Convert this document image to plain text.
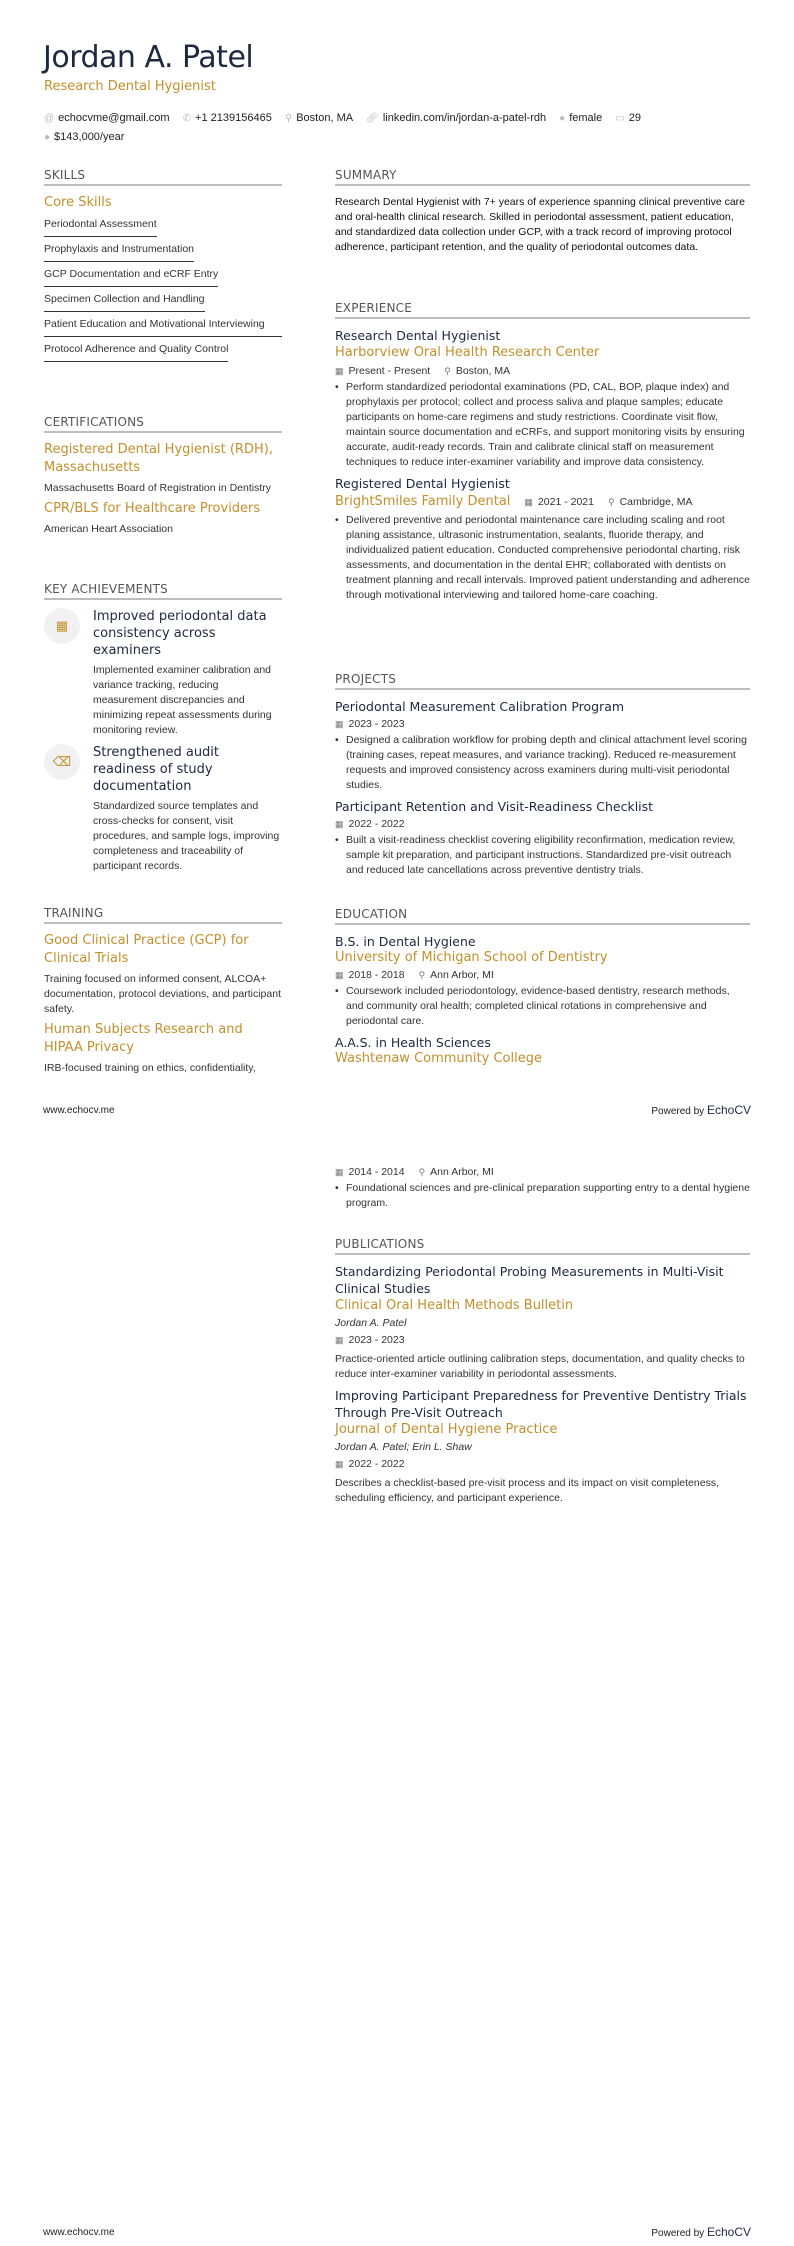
Jordan A. Patel
Research Dental Hygienist
@ echocvme@gmail.com ✆ +1 2139156465 ⚲ Boston, MA 🔗︎ linkedin.com/in/jordan-a-patel-rdh ● female ▭ 29
● $143,000/year
SKILLS
Core Skills
Periodontal Assessment
Prophylaxis and Instrumentation
GCP Documentation and eCRF Entry
Specimen Collection and Handling
Patient Education and Motivational Interviewing
Protocol Adherence and Quality Control
CERTIFICATIONS
Registered Dental Hygienist (RDH), Massachusetts
Massachusetts Board of Registration in Dentistry
CPR/BLS for Healthcare Providers
American Heart Association
KEY ACHIEVEMENTS
▦
Improved periodontal data consistency across examiners
Implemented examiner calibration and variance tracking, reducing measurement discrepancies and minimizing repeat assessments during monitoring review.
⌫
Strengthened audit readiness of study documentation
Standardized source templates and cross-checks for consent, visit procedures, and sample logs, improving completeness and traceability of participant records.
TRAINING
Good Clinical Practice (GCP) for Clinical Trials
Training focused on informed consent, ALCOA+ documentation, protocol deviations, and participant safety.
Human Subjects Research and HIPAA Privacy
IRB-focused training on ethics, confidentiality,
SUMMARY
Research Dental Hygienist with 7+ years of experience spanning clinical preventive care and oral-health clinical research. Skilled in periodontal assessment, patient education, and standardized data collection under GCP, with a track record of improving protocol adherence, participant retention, and the quality of periodontal outcomes data.
EXPERIENCE
Research Dental Hygienist
Harborview Oral Health Research Center
▦ Present - Present ⚲ Boston, MA
• Perform standardized periodontal examinations (PD, CAL, BOP, plaque index) and prophylaxis per protocol; collect and process saliva and plaque samples; educate participants on home-care regimens and study restrictions. Coordinate visit flow, maintain source documentation and eCRFs, and support monitoring visits by ensuring accurate, audit-ready records. Train and calibrate clinical staff on measurement techniques to reduce inter-examiner variability and improve data consistency.
Registered Dental Hygienist
BrightSmiles Family Dental ▦ 2021 - 2021 ⚲ Cambridge, MA
• Delivered preventive and periodontal maintenance care including scaling and root planing assistance, ultrasonic instrumentation, sealants, fluoride therapy, and individualized patient education. Conducted comprehensive periodontal charting, risk assessments, and documentation in the dental EHR; collaborated with dentists on treatment planning and recall intervals. Improved patient understanding and adherence through motivational interviewing and tailored home-care coaching.
PROJECTS
Periodontal Measurement Calibration Program
▦ 2023 - 2023
• Designed a calibration workflow for probing depth and clinical attachment level scoring (training cases, repeat measures, and variance tracking). Reduced re-measurement requests and improved consistency across examiners during multi-visit periodontal studies.
Participant Retention and Visit-Readiness Checklist
▦ 2022 - 2022
• Built a visit-readiness checklist covering eligibility reconfirmation, medication review, sample kit preparation, and participant instructions. Standardized pre-visit outreach and reduced late cancellations across preventive dentistry trials.
EDUCATION
B.S. in Dental Hygiene
University of Michigan School of Dentistry
▦ 2018 - 2018 ⚲ Ann Arbor, MI
• Coursework included periodontology, evidence-based dentistry, research methods, and community oral health; completed clinical rotations in comprehensive and periodontal care.
A.A.S. in Health Sciences
Washtenaw Community College
www.echocv.me	Powered by EchoCV
▦ 2014 - 2014 ⚲ Ann Arbor, MI
• Foundational sciences and pre-clinical preparation supporting entry to a dental hygiene program.
PUBLICATIONS
Standardizing Periodontal Probing Measurements in Multi-Visit Clinical Studies
Clinical Oral Health Methods Bulletin
Jordan A. Patel
▦ 2023 - 2023
Practice-oriented article outlining calibration steps, documentation, and quality checks to reduce inter-examiner variability in periodontal assessments.
Improving Participant Preparedness for Preventive Dentistry Trials Through Pre-Visit Outreach
Journal of Dental Hygiene Practice
Jordan A. Patel; Erin L. Shaw
▦ 2022 - 2022
Describes a checklist-based pre-visit process and its impact on visit completeness, scheduling efficiency, and participant experience.
www.echocv.me	Powered by EchoCV
